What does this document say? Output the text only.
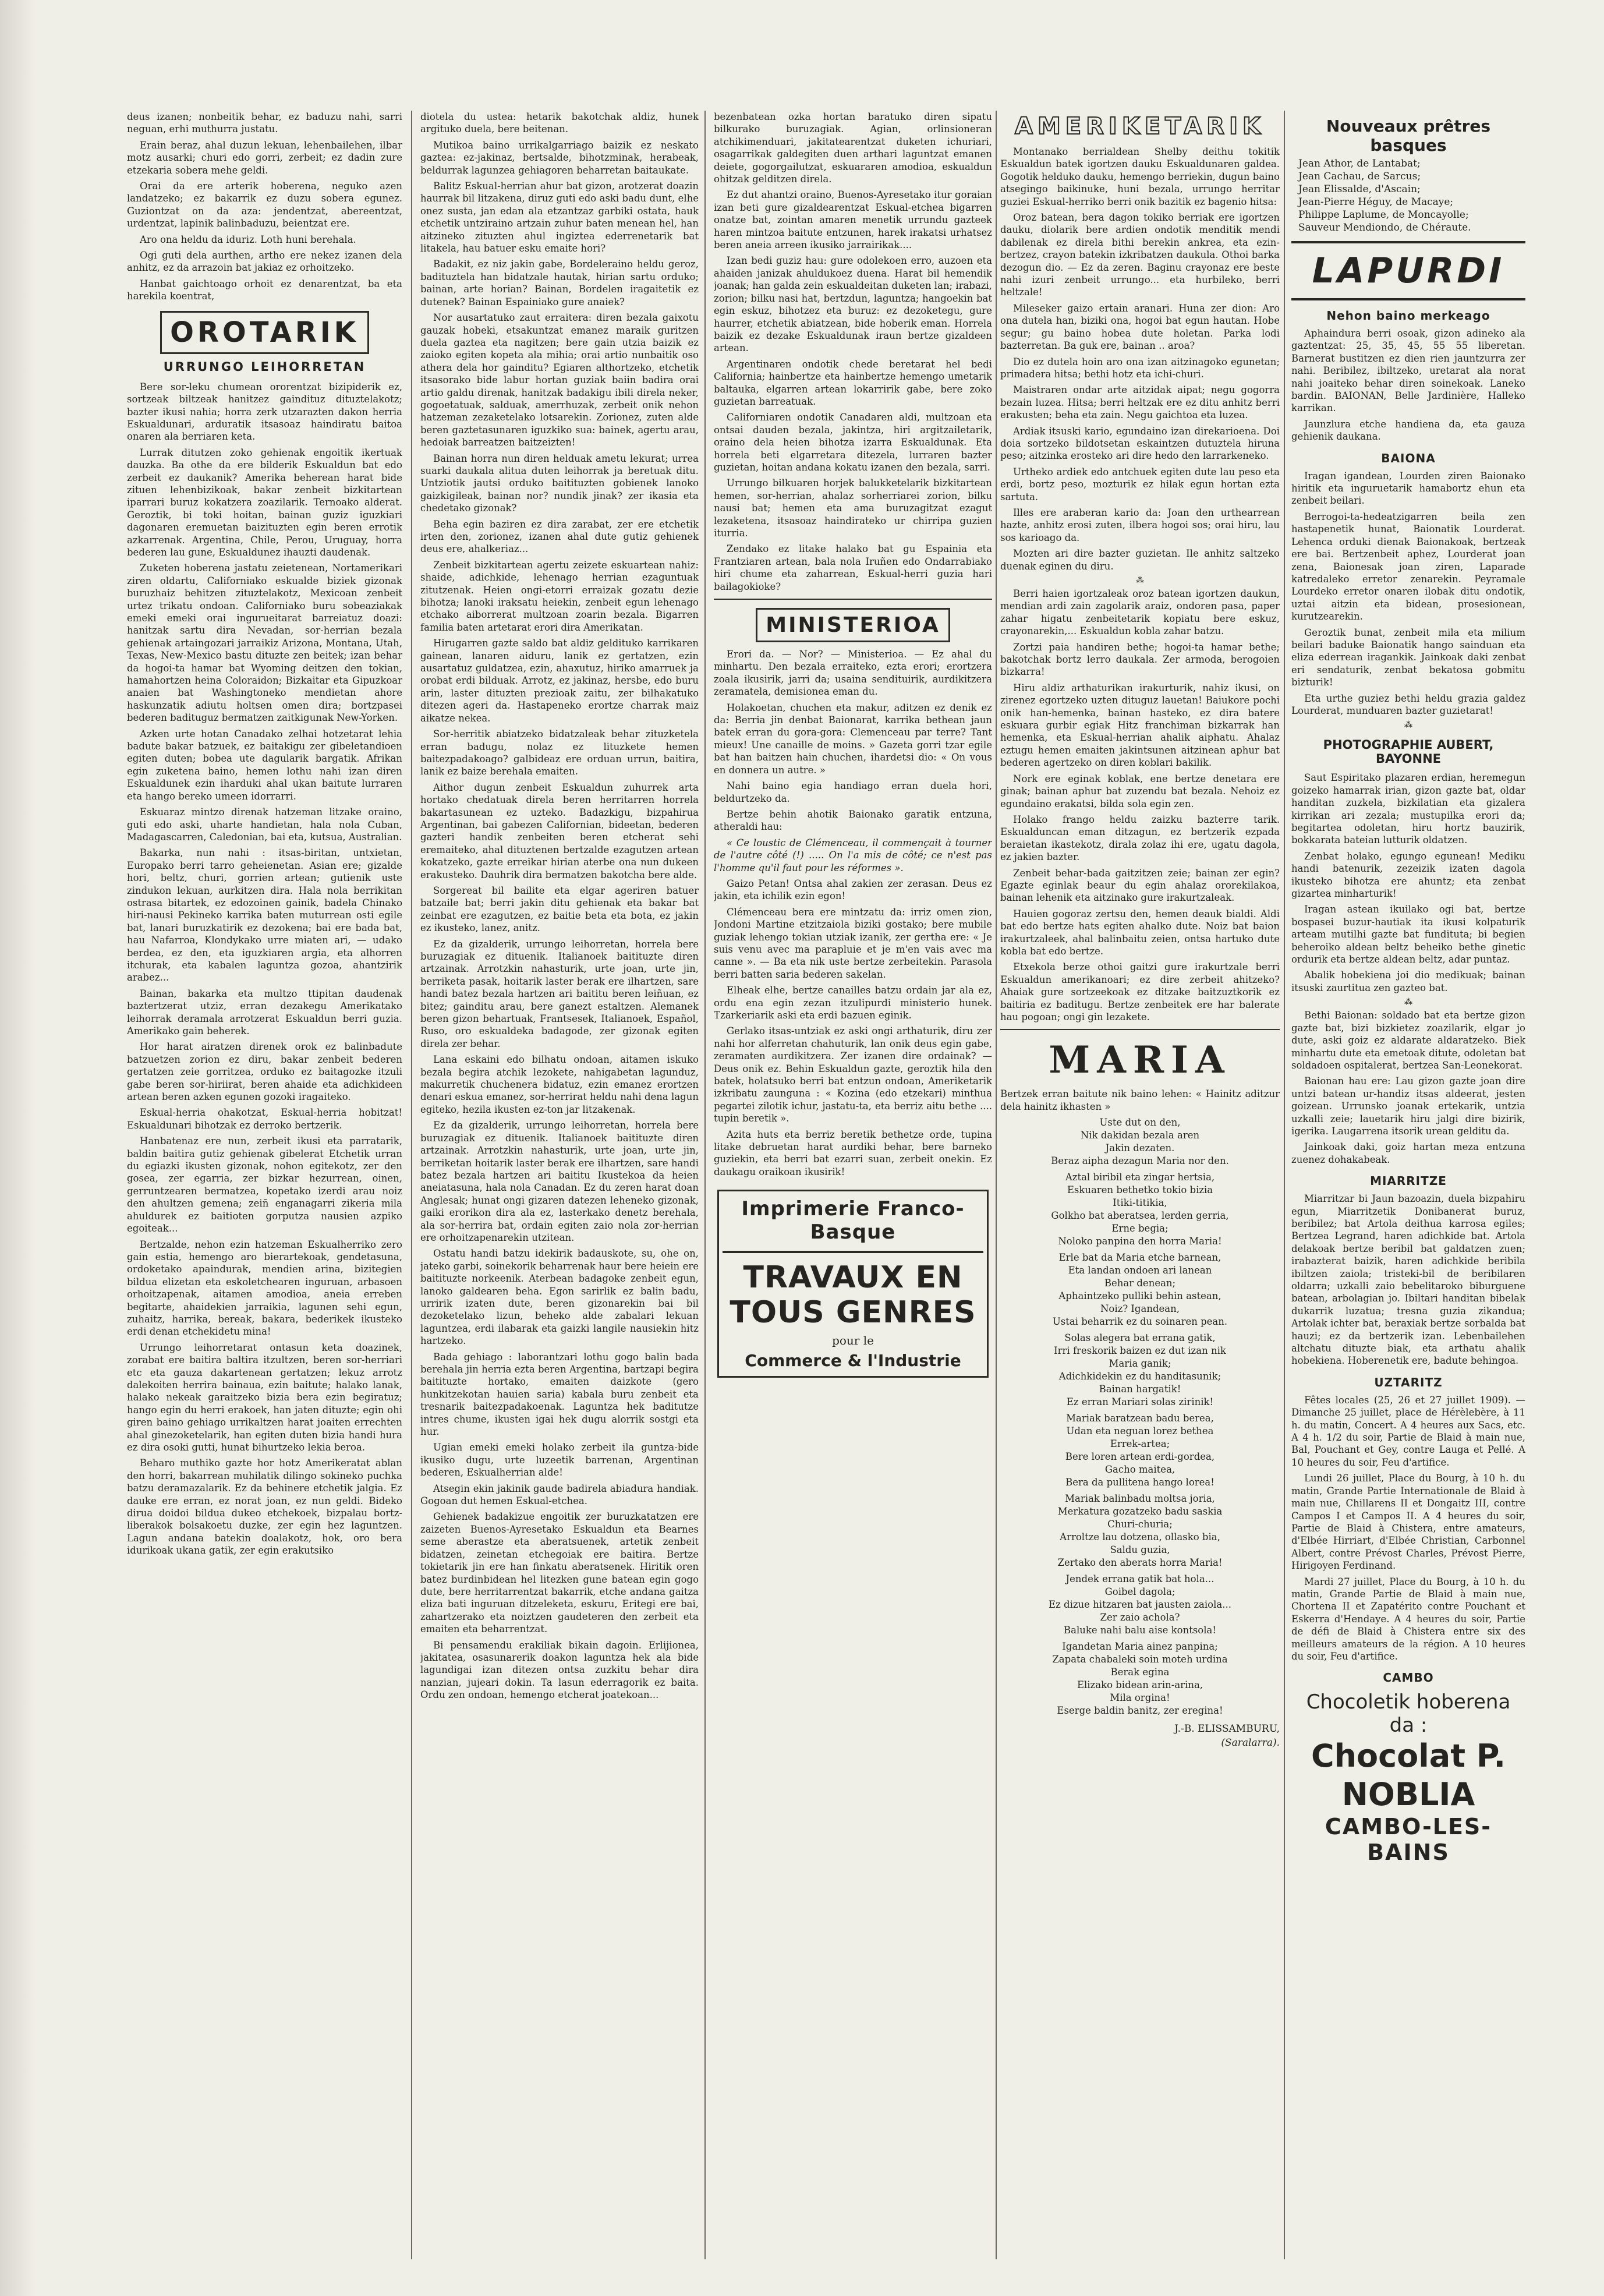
deus izanen; nonbeitik behar, ez baduzu nahi, sarri neguan, erhi muthurra justatu.

Erain beraz, ahal duzun lekuan, lehenbailehen, ilbar motz ausarki; churi edo gorri, zerbeit; ez dadin zure etzekaria sobera mehe geldi.

Orai da ere arterik hoberena, neguko azen landatzeko; ez bakarrik ez duzu sobera egunez. Guziontzat on da aza: jendentzat, abereentzat, urdentzat, lapinik balinbaduzu, beientzat ere.

Aro ona heldu da iduriz. Loth huni berehala.

Ogi guti dela aurthen, artho ere nekez izanen dela anhitz, ez da arrazoin bat jakiaz ez orhoitzeko.

Hanbat gaichtoago orhoit ez denarentzat, ba eta harekila koentrat,

OROTARIK
URRUNGO LEIHORRETAN

Bere sor-leku chumean ororentzat bizipiderik ez, sortzeak biltzeak hanitzez gaindituz dituztelakotz; bazter ikusi nahia; horra zerk utzarazten dakon herria Eskualdunari, arduratik itsasoaz haindiratu baitoa onaren ala berriaren keta.

Lurrak ditutzen zoko gehienak engoitik ikertuak dauzka. Ba othe da ere bilderik Eskualdun bat edo zerbeit ez daukanik? Amerika beherean harat bide zituen lehenbizikoak, bakar zenbeit bizkitartean iparrari buruz kokatzera zoazilarik. Ternoako alderat. Geroztik, bi toki hoitan, bainan guziz iguzkiari dagonaren eremuetan baizituzten egin beren errotik azkarrenak. Argentina, Chile, Perou, Uruguay, horra bederen lau gune, Eskualdunez ihauzti daudenak.

Zuketen hoberena jastatu zeietenean, Nortamerikari ziren oldartu, Californiako eskualde biziek gizonak buruzhaiz behitzen zituztelakotz, Mexicoan zenbeit urtez trikatu ondoan. Californiako buru sobeaziakak emeki emeki orai ingurueitarat barreiatuz doazi: hanitzak sartu dira Nevadan, sor-herrian bezala gehienak artaingozari jarraikiz Arizona, Montana, Utah, Texas, New-Mexico bastu dituzte zen beitek; izan behar da hogoi-ta hamar bat Wyoming deitzen den tokian, hamahortzen heina Coloraidon; Bizkaitar eta Gipuzkoar anaien bat Washingtoneko mendietan ahore haskunzatik adiutu holtsen omen dira; bortzpasei bederen badituguz bermatzen zaitkigunak New-Yorken.

Azken urte hotan Canadako zelhai hotzetarat lehia badute bakar batzuek, ez baitakigu zer gibeletandioen egiten duten; bobea ute dagularik bargatik. Afrikan egin zuketena baino, hemen lothu nahi izan diren Eskualdunek ezin iharduki ahal ukan baitute lurraren eta hango bereko umeen idorrarri.

Eskuaraz mintzo direnak hatzeman litzake oraino, guti edo aski, uharte handietan, hala nola Cuban, Madagascarren, Caledonian, bai eta, kutsua, Australian.

Bakarka, nun nahi : itsas-biritan, untxietan, Europako berri tarro geheienetan. Asian ere; gizalde hori, beltz, churi, gorrien artean; gutienik uste zindukon lekuan, aurkitzen dira. Hala nola berrikitan ostrasa bitartek, ez edozoinen gainik, badela Chinako hiri-nausi Pekineko karrika baten muturrean osti egile bat, lanari buruzkatirik ez dezokena; bai ere bada bat, hau Nafarroa, Klondykako urre miaten ari, — udako berdea, ez den, eta iguzkiaren argia, eta alhorren itchurak, eta kabalen laguntza gozoa, ahantzirik arabez...

Bainan, bakarka eta multzo ttipitan daudenak baztertzerat utziz, erran dezakegu Amerikatako leihorrak deramala arrotzerat Eskualdun berri guzia. Amerikako gain beherek.

Hor harat airatzen direnek orok ez balinbadute batzuetzen zorion ez diru, bakar zenbeit bederen gertatzen zeie gorritzea, orduko ez baitagozke itzuli gabe beren sor-hiriirat, beren ahaide eta adichkideen artean beren azken egunen gozoki iragaiteko.

Eskual-herria ohakotzat, Eskual-herria hobitzat! Eskualdunari bihotzak ez derroko bertzerik.

Hanbatenaz ere nun, zerbeit ikusi eta parratarik, baldin baitira gutiz gehienak gibelerat Etchetik urran du egiazki ikusten gizonak, nohon egitekotz, zer den gosea, zer egarria, zer bizkar hezurrean, oinen, gerruntzearen bermatzea, kopetako izerdi arau noiz den ahultzen gemena; zeiñ enganagarri zikeria mila ahuldurek ez baitioten gorputza nausien azpiko egoiteak...

Bertzalde, nehon ezin hatzeman Eskualherriko zero gain estia, hemengo aro bierartekoak, gendetasuna, ordoketako apaindurak, mendien arina, bizitegien bildua elizetan eta eskoletchearen inguruan, arbasoen orhoitzapenak, aitamen amodioa, aneia erreben begitarte, ahaidekien jarraikia, lagunen sehi egun, zuhaitz, harrika, bereak, bakara, bederikek ikusteko erdi denan etchekidetu mina!

Urrungo leihorretarat ontasun keta doazinek, zorabat ere baitira baltira itzultzen, beren sor-herriari etc eta gauza dakartenean gertatzen; lekuz arrotz dalekoiten herrira bainaua, ezin baitute; halako lanak, halako nekeak garaitzeko bizia bera ezin begiratuz; hango egin du herri erakoek, han jaten dituzte; egin ohi giren baino gehiago urrikaltzen harat joaiten errechten ahal ginezoketelarik, han egiten duten bizia handi hura ez dira osoki gutti, hunat bihurtzeko lekia beroa.

Beharo muthiko gazte hor hotz Amerikeratat ablan den horri, bakarrean muhilatik dilingo sokineko puchka batzu deramazalarik. Ez da behinere etchetik jalgia. Ez dauke ere erran, ez norat joan, ez nun geldi. Bideko dirua doidoi bildua dukeo etchekoek, bizpalau bortz-liberakok bolsakoetu duzke, zer egin hez laguntzen. Lagun andana batekin doalakotz, hok, oro bera idurikoak ukana gatik, zer egin erakutsiko

diotela du ustea: hetarik bakotchak aldiz, hunek argituko duela, bere beitenan.

Mutikoa baino urrikalgarriago baizik ez neskato gaztea: ez-jakinaz, bertsalde, bihotzminak, herabeak, beldurrak lagunzea gehiagoren beharretan baitaukate.

Balitz Eskual-herrian ahur bat gizon, arotzerat doazin haurrak bil litzakena, diruz guti edo aski badu dunt, elhe onez susta, jan edan ala etzantzaz garbiki ostata, hauk etchetik untziraino artzain zuhur baten menean hel, han aitzineko zituzten ahul ingiztea ederrenetarik bat litakela, hau batuer esku emaite hori?

Badakit, ez niz jakin gabe, Bordeleraino heldu geroz, badituztela han bidatzale hautak, hirian sartu orduko; bainan, arte horian? Bainan, Bordelen iragaitetik ez dutenek? Bainan Espainiako gure anaiek?

Nor ausartatuko zaut erraitera: diren bezala gaixotu gauzak hobeki, etsakuntzat emanez maraik guritzen duela gaztea eta nagitzen; bere gain utzia baizik ez zaioko egiten kopeta ala mihia; orai artio nunbaitik oso athera dela hor gainditu? Egiaren althortzeko, etchetik itsasorako bide labur hortan guziak baiin badira orai artio galdu direnak, hanitzak badakigu ibili direla neker, gogoetatuak, salduak, amerrhuzak, zerbeit onik nehon hatzeman zezaketelako lotsarekin. Zorionez, zuten alde beren gaztetasunaren iguzkiko sua: bainek, agertu arau, hedoiak barreatzen baitzeizten!

Bainan horra nun diren helduak ametu lekurat; urrea suarki daukala alitua duten leihorrak ja beretuak ditu. Untziotik jautsi orduko baitituzten gobienek lanoko gaizkigileak, bainan nor? nundik jinak? zer ikasia eta chedetako gizonak?

Beha egin baziren ez dira zarabat, zer ere etchetik irten den, zorionez, izanen ahal dute gutiz gehienek deus ere, ahalkeriaz...

Zenbeit bizkitartean agertu zeizete eskuartean nahiz: shaide, adichkide, lehenago herrian ezaguntuak zitutzenak. Heien ongi-etorri erraizak gozatu dezie bihotza; lanoki iraksatu heiekin, zenbeit egun lehenago etchako aiborrerat multzoan zoarin bezala. Bigarren familia baten artetarat erori dira Amerikatan.

Hirugarren gazte saldo bat aldiz geldituko karrikaren gainean, lanaren aiduru, lanik ez gertatzen, ezin ausartatuz guldatzea, ezin, ahaxutuz, hiriko amarruek ja orobat erdi bilduak. Arrotz, ez jakinaz, hersbe, edo buru arin, laster dituzten prezioak zaitu, zer bilhakatuko ditezen ageri da. Hastapeneko erortze charrak maiz aikatze nekea.

Sor-herritik abiatzeko bidatzaleak behar zituzketela erran badugu, nolaz ez lituzkete hemen baitezpadakoago? galbideaz ere orduan urrun, baitira, lanik ez baize berehala emaiten.

Aithor dugun zenbeit Eskualdun zuhurrek arta hortako chedatuak direla beren herritarren horrela bakartasunean ez uzteko. Badazkigu, bizpahirua Argentinan, bai gabezen Californian, bideetan, bederen gazteri handik zenbeiten beren etcherat sehi eremaiteko, ahal dituztenen bertzalde ezagutzen artean kokatzeko, gazte erreikar hirian aterbe ona nun dukeen erakusteko. Dauhrik dira bermatzen bakotcha bere alde.

Sorgereat bil bailite eta elgar ageriren batuer batzaile bat; berri jakin ditu gehienak eta bakar bat zeinbat ere ezagutzen, ez baitie beta eta bota, ez jakin ez ikusteko, lanez, anitz.

Ez da gizalderik, urrungo leihorretan, horrela bere buruzagiak ez dituenik. Italianoek baitituzte diren artzainak. Arrotzkin nahasturik, urte joan, urte jin, berriketa pasak, hoitarik laster berak ere ilhartzen, sare handi batez bezala hartzen ari baititu beren leiñuan, ez bitez; gainditu arau, bere ganezt estaltzen. Alemanek beren gizon behartuak, Frantsesek, Italianoek, Español, Ruso, oro eskualdeka badagode, zer gizonak egiten direla zer behar.

Lana eskaini edo bilhatu ondoan, aitamen iskuko bezala begira atchik lezokete, nahigabetan lagunduz, makurretik chuchenera bidatuz, ezin emanez erortzen denari eskua emanez, sor-herrirat heldu nahi dena lagun egiteko, hezila ikusten ez-ton jar litzakenak.

Ez da gizalderik, urrungo leihorretan, horrela bere buruzagiak ez dituenik. Italianoek baitituzte diren artzainak. Arrotzkin nahasturik, urte joan, urte jin, berriketan hoitarik laster berak ere ilhartzen, sare handi batez bezala hartzen ari baititu Ikustekoa da heien aneiatasuna, hala nola Canadan. Ez du zeren harat doan Anglesak; hunat ongi gizaren datezen leheneko gizonak, gaiki erorikon dira ala ez, lasterkako denetz berehala, ala sor-herrira bat, ordain egiten zaio nola zor-herrian ere orhoitzapenarekin utzitean.

Ostatu handi batzu idekirik badauskote, su, ohe on, jateko garbi, soinekorik beharrenak haur bere heiein ere baitituzte norkeenik. Aterbean badagoke zenbeit egun, lanoko galdearen beha. Egon sarirlik ez balin badu, urririk izaten dute, beren gizonarekin bai bil dezoketelako lizun, beheko alde zabalari lekuan laguntzea, erdi ilabarak eta gaizki langile nausiekin hitz hartzeko.

Bada gehiago : laborantzari lothu gogo balin bada berehala jin herria ezta beren Argentina, bartzapi begira baitituzte hortako, emaiten daizkote (gero hunkitzekotan hauien saria) kabala buru zenbeit eta tresnarik baitezpadakoenak. Laguntza hek baditutze intres chume, ikusten igai hek dugu alorrik sostgi eta hur.

Ugian emeki emeki holako zerbeit ila guntza-bide ikusiko dugu, urte luzeetik barrenan, Argentinan bederen, Eskualherrian alde!

Atsegin ekin jakinik gaude badirela abiadura handiak. Gogoan dut hemen Eskual-etchea.

Gehienek badakizue engoitik zer buruzkatatzen ere zaizeten Buenos-Ayresetako Eskualdun eta Bearnes seme aberastze eta aberatsuenek, artetik zenbeit bidatzen, zeinetan etchegoiak ere baitira. Bertze tokietarik jin ere han finkatu aberatsenek. Hiritik oren batez burdinbidean hel litezken gune batean egin gogo dute, bere herritarrentzat bakarrik, etche andana gaitza eliza bati inguruan ditzeleketa, eskuru, Eritegi ere bai, zahartzerako eta noiztzen gaudeteren den zerbeit eta emaiten eta beharrentzat.

Bi pensamendu erakiliak bikain dagoin. Erlijionea, jakitatea, osasunarerik doakon laguntza hek ala bide lagundigai izan ditezen ontsa zuzkitu behar dira nanzian, jujeari dokin. Ta lasun ederragorik ez baita. Ordu zen ondoan, hemengo etcherat joatekoan...

bezenbatean ozka hortan baratuko diren sipatu bilkurako buruzagiak. Agian, orlinsioneran atchikimenduari, jakitatearentzat duketen ichuriari, osagarrikak galdegiten duen arthari laguntzat emanen deiete, gogorgailutzat, eskuararen amodioa, eskualdun ohitzak gelditzen direla.

Ez dut ahantzi oraino, Buenos-Ayresetako itur goraian izan beti gure gizaldearentzat Eskual-etchea bigarren onatze bat, zointan amaren menetik urrundu gazteek haren mintzoa baitute entzunen, harek irakatsi urhatsez beren aneia arreen ikusiko jarrairikak....

Izan bedi guziz hau: gure odolekoen erro, auzoen eta ahaiden janizak ahuldukoez duena. Harat bil hemendik joanak; han galda zein eskualdeitan duketen lan; irabazi, zorion; bilku nasi hat, bertzdun, laguntza; hangoekin bat egin eskuz, bihotzez eta buruz: ez dezoketegu, gure haurrer, etchetik abiatzean, bide hoberik eman. Horrela baizik ez dezake Eskualdunak iraun bertze gizaldeen artean.

Argentinaren ondotik chede beretarat hel bedi California; hainbertze eta hainbertze hemengo umetarik baltauka, elgarren artean lokarririk gabe, bere zoko guzietan barreatuak.

Californiaren ondotik Canadaren aldi, multzoan eta ontsai dauden bezala, jakintza, hiri argitzailetarik, oraino dela heien bihotza izarra Eskualdunak. Eta horrela beti elgarretara ditezela, lurraren bazter guzietan, hoitan andana kokatu izanen den bezala, sarri.

Urrungo bilkuaren horjek balukketelarik bizkitartean hemen, sor-herrian, ahalaz sorherriarei zorion, bilku nausi bat; hemen eta ama buruzagitzat ezagut lezaketena, itsasoaz haindirateko ur chirripa guzien iturria.

Zendako ez litake halako bat gu Espainia eta Frantziaren artean, bala nola Iruñen edo Ondarrabiako hiri chume eta zaharrean, Eskual-herri guzia hari bailagokioke?

MINISTERIOA

Erori da. — Nor? — Ministerioa. — Ez ahal du minhartu. Den bezala erraiteko, ezta erori; erortzera zoala ikusirik, jarri da; usaina sendituirik, aurdikitzera zeramatela, demisionea eman du.

Holakoetan, chuchen eta makur, aditzen ez denik ez da: Berria jin denbat Baionarat, karrika bethean jaun batek erran du gora-gora: Clemenceau par terre? Tant mieux! Une canaille de moins. » Gazeta gorri tzar egile bat han baitzen hain chuchen, ihardetsi dio: « On vous en donnera un autre. »

Nahi baino egia handiago erran duela hori, beldurtzeko da.

Bertze behin ahotik Baionako garatik entzuna, atheraldi hau:

« Ce loustic de Clémenceau, il commençait à tourner de l'autre côté (!) ..... On l'a mis de côté; ce n'est pas l'homme qu'il faut pour les réformes ».

Gaizo Petan! Ontsa ahal zakien zer zerasan. Deus ez jakin, eta ichilik ezin egon!

Clémenceau bera ere mintzatu da: irriz omen zion, Jondoni Martine etzitzaiola biziki gostako; bere mubile guziak lehengo tokian utziak izanik, zer gertha ere: « Je suis venu avec ma parapluie et je m'en vais avec ma canne ». — Ba eta nik uste bertze zerbeitekin. Parasola berri batten saria bederen sakelan.

Elheak elhe, bertze canailles batzu ordain jar ala ez, ordu ena egin zezan itzulipurdi ministerio hunek. Tzarkeriarik aski eta erdi bazuen eginik.

Gerlako itsas-untziak ez aski ongi arthaturik, diru zer nahi hor alferretan chahuturik, lan onik deus egin gabe, zeramaten aurdikitzera. Zer izanen dire ordainak? — Deus onik ez. Behin Eskualdun gazte, geroztik hila den batek, holatsuko berri bat entzun ondoan, Ameriketarik izkribatu zaunguna : « Kozina (edo etzekari) minthua pegartei zilotik ichur, jastatu-ta, eta berriz aitu bethe .... tupin beretik ».

Azita huts eta berriz beretik bethetze orde, tupina litake debruetan harat aurdiki behar, bere barneko guziekin, eta berri bat ezarri suan, zerbeit onekin. Ez daukagu oraikoan ikusirik!

Imprimerie Franco-Basque
TRAVAUX EN TOUS GENRES
pour le
Commerce & l'Industrie
AMERIKETARIK

Montanako berrialdean Shelby deithu tokitik Eskualdun batek igortzen dauku Eskualdunaren galdea. Gogotik helduko dauku, hemengo berriekin, dugun baino atsegingo baikinuke, huni bezala, urrungo herritar guziei Eskual-herriko berri onik bazitik ez bagenio hitsa:

Oroz batean, bera dagon tokiko berriak ere igortzen dauku, diolarik bere ardien ondotik menditik mendi dabilenak ez direla bithi berekin ankrea, eta ezin-bertzez, crayon batekin izkribatzen daukula. Othoi barka dezogun dio. — Ez da zeren. Baginu crayonaz ere beste nahi izuri zenbeit urrungo... eta hurbileko, berri heltzale!

Mileseker gaizo ertain aranari. Huna zer dion: Aro ona dutela han, biziki ona, hogoi bat egun hautan. Hobe segur; gu baino hobea dute holetan. Parka lodi bazterretan. Ba guk ere, bainan .. aroa?

Dio ez dutela hoin aro ona izan aitzinagoko egunetan; primadera hitsa; bethi hotz eta ichi-churi.

Maistraren ondar arte aitzidak aipat; negu gogorra bezain luzea. Hitsa; berri heltzak ere ez ditu anhitz berri erakusten; beha eta zain. Negu gaichtoa eta luzea.

Ardiak itsuski kario, egundaino izan direkarioena. Doi doia sortzeko bildotsetan eskaintzen dutuztela hiruna peso; aitzinka erosteko ari dire hedo den larrarkeneko.

Urtheko ardiek edo antchuek egiten dute lau peso eta erdi, bortz peso, mozturik ez hilak egun hortan ezta sartuta.

Illes ere araberan kario da: Joan den urthearrean hazte, anhitz erosi zuten, ilbera hogoi sos; orai hiru, lau sos karioago da.

Mozten ari dire bazter guzietan. Ile anhitz saltzeko duenak eginen du diru.

⁂

Berri haien igortzaleak oroz batean igortzen daukun, mendian ardi zain zagolarik araiz, ondoren pasa, paper zahar higatu zenbeitetarik kopiatu bere eskuz, crayonarekin,... Eskualdun kobla zahar batzu.

Zortzi paia handiren bethe; hogoi-ta hamar bethe; bakotchak bortz lerro daukala. Zer armoda, berogoien bizkarra!

Hiru aldiz arthaturikan irakurturik, nahiz ikusi, on zirenez egortzeko uzten dituguz lauetan! Baiukore pochi onik han-hemenka, bainan hasteko, ez dira batere eskuara gurbir egiak Hitz franchiman bizkarrak han hemenka, eta Eskual-herrian ahalik aiphatu. Ahalaz eztugu hemen emaiten jakintsunen aitzinean aphur bat bederen agertzeko on diren koblari bakilik.

Nork ere eginak koblak, ene bertze denetara ere ginak; bainan aphur bat zuzendu bat bezala. Nehoiz ez egundaino erakatsi, bilda sola egin zen.

Holako frango heldu zaizku bazterre tarik. Eskualduncan eman ditzagun, ez bertzerik ezpada beraietan ikastekotz, dirala zolaz ihi ere, ugatu dagola, ez jakien bazter.

Zenbeit behar-bada gaitzitzen zeie; bainan zer egin? Egazte eginlak beaur du egin ahalaz ororekilakoa, bainan lehenik eta aitzinako gure irakurtzaleak.

Hauien gogoraz zertsu den, hemen deauk bialdi. Aldi bat edo bertze hats egiten ahalko dute. Noiz bat baion irakurtzaleek, ahal balinbaitu zeien, ontsa hartuko dute kobla bat edo bertze.

Etxekola berze othoi gaitzi gure irakurtzale berri Eskualdun amerikanoari; ez dire zerbeit ahitzeko? Ahaiak gure sortzeekoak ez ditzake baitzuztkorik ez baitiria ez baditugu. Bertze zenbeitek ere har balerate hau pogoan; ongi gin lezakete.

MARIA

Bertzek erran baitute nik baino lehen: « Hainitz aditzur dela hainitz ikhasten »

Uste dut on den,

Nik dakidan bezala aren

Jakin dezaten.

Beraz aipha dezagun Maria nor den.

Aztal biribil eta zingar hertsia,

Eskuaren bethetko tokio bizia

Itiki-titikia,

Golkho bat aberatsea, lerden gerria,

Erne begia;

Noloko panpina den horra Maria!

Erle bat da Maria etche barnean,

Eta landan ondoen ari lanean

Behar denean;

Aphaintzeko pulliki behin astean,

Noiz? Igandean,

Ustai beharrik ez du soinaren pean.

Solas alegera bat errana gatik,

Irri freskorik baizen ez dut izan nik

Maria ganik;

Adichkidekin ez du handitasunik;

Bainan hargatik!

Ez erran Mariari solas zirinik!

Mariak baratzean badu berea,

Udan eta neguan lorez bethea

Errek-artea;

Bere loren artean erdi-gordea,

Gacho maitea,

Bera da pullitena hango lorea!

Mariak balinbadu moltsa joria,

Merkatura gozatzeko badu saskia

Churi-churia;

Arroltze lau dotzena, ollasko bia,

Saldu guzia,

Zertako den aberats horra Maria!

Jendek errana gatik bat hola...

Goibel dagola;

Ez dizue hitzaren bat jausten zaiola...

Zer zaio achola?

Baluke nahi balu aise kontsola!

Igandetan Maria ainez panpina;

Zapata chabaleki soin moteh urdina

Berak egina

Elizako bidean arin-arina,

Mila orgina!

Eserge baldin banitz, zer eregina!

J.-B. ELISSAMBURU,
(Saralarra).
Nouveaux prêtres basques

Jean Athor, de Lantabat;

Jean Cachau, de Sarcus;

Jean Elissalde, d'Ascain;

Jean-Pierre Héguy, de Macaye;

Philippe Laplume, de Moncayolle;

Sauveur Mendiondo, de Chéraute.

LAPURDI
Nehon baino merkeago

Aphaindura berri osoak, gizon adineko ala gaztentzat: 25, 35, 45, 55 55 liberetan. Barnerat bustitzen ez dien rien jauntzurra zer nahi. Beribilez, ibiltzeko, uretarat ala norat nahi joaiteko behar diren soinekoak. Laneko bardin. BAIONAN, Belle Jardinière, Halleko karrikan.

Jaunzlura etche handiena da, eta gauza gehienik daukana.

BAIONA

Iragan igandean, Lourden ziren Baionako hiritik eta inguruetarik hamabortz ehun eta zenbeit beilari.

Berrogoi-ta-hedeatzigarren beila zen hastapenetik hunat, Baionatik Lourderat. Lehenca orduki dienak Baionakoak, bertzeak ere bai. Bertzenbeit aphez, Lourderat joan zena, Baionesak joan ziren, Laparade katredaleko erretor zenarekin. Peyramale Lourdeko erretor onaren ilobak ditu ondotik, uztai aitzin eta bidean, prosesionean, kurutzearekin.

Geroztik bunat, zenbeit mila eta milium beilari baduke Baionatik hango sainduan eta eliza ederrean iragankik. Jainkoak daki zenbat eri sendaturik, zenbat bekatosa gobmitu bizturik!

Eta urthe guziez bethi heldu grazia galdez Lourderat, munduaren bazter guzietarat!

⁂
PHOTOGRAPHIE AUBERT, BAYONNE

Saut Espiritako plazaren erdian, heremegun goizeko hamarrak irian, gizon gazte bat, oldar handitan zuzkela, bizkilatian eta gizalera kirrikan ari zezala; mustupilka erori da; begitartea odoletan, hiru hortz bauzirik, bokkarata bateian lutturik oldatzen.

Zenbat holako, egungo egunean! Mediku handi batenurik, zezeizik izaten dagola ikusteko bihotza ere ahuntz; eta zenbat gizartea minharturik!

Iragan astean ikuilako ogi bat, bertze bospasei buzur-hautiak ita ikusi kolpaturik arteam mutilhi gazte bat fundituta; bi begien beheroiko aldean beltz beheiko bethe ginetic ordurik eta bertze aldean beltz, adar puntaz.

Abalik hobekiena joi dio medikuak; bainan itsuski zaurtitua zen gazteo bat.

⁂

Bethi Baionan: soldado bat eta bertze gizon gazte bat, bizi bizkietez zoazilarik, elgar jo dute, aski goiz ez aldarate aldaratzeko. Biek minhartu dute eta emetoak ditute, odoletan bat soldadoen ospitalerat, bertzea San-Leonekorat.

Baionan hau ere: Lau gizon gazte joan dire untzi batean ur-handiz itsas aldeerat, jesten goizean. Urrunsko joanak ertekarik, untzia uzkalli zeie; lauetarik hiru jalgi dire bizirik, igerika. Laugarrena itsorik urean gelditu da.

Jainkoak daki, goiz hartan meza entzuna zuenez dohakabeak.

MIARRITZE

Miarritzar bi Jaun bazoazin, duela bizpahiru egun, Miarritzetik Donibanerat buruz, beribilez; bat Artola deithua karrosa egiles; Bertzea Legrand, haren adichkide bat. Artola delakoak bertze beribil bat galdatzen zuen; irabazterat baizik, haren adichkide beribila ibiltzen zaiola; tristeki-bil de beribilaren oldarra; uzkalli zaio bebelitaroko biburguene batean, arbolagian jo. Ibiltari handitan bibelak dukarrik luzatua; tresna guzia zikandua; Artolak ichter bat, beraxiak bertze sorbalda bat hauzi; ez da bertzerik izan. Lebenbailehen altchatu dituzte biak, eta arthatu ahalik hobekiena. Hoberenetik ere, badute behingoa.

UZTARITZ

Fêtes locales (25, 26 et 27 juillet 1909). — Dimanche 25 juillet, place de Hérèlebère, à 11 h. du matin, Concert. A 4 heures aux Sacs, etc. A 4 h. 1/2 du soir, Partie de Blaid à main nue, Bal, Pouchant et Gey, contre Lauga et Pellé. A 10 heures du soir, Feu d'artifice.

Lundi 26 juillet, Place du Bourg, à 10 h. du matin, Grande Partie Internationale de Blaid à main nue, Chillarens II et Dongaitz III, contre Campos I et Campos II. A 4 heures du soir, Partie de Blaid à Chistera, entre amateurs, d'Elbée Hirriart, d'Elbée Christian, Carbonnel Albert, contre Prévost Charles, Prévost Pierre, Hirigoyen Ferdinand.

Mardi 27 juillet, Place du Bourg, à 10 h. du matin, Grande Partie de Blaid à main nue, Chortena II et Zapatérito contre Pouchant et Eskerra d'Hendaye. A 4 heures du soir, Partie de défi de Blaid à Chistera entre six des meilleurs amateurs de la région. A 10 heures du soir, Feu d'artifice.

CAMBO
Chocoletik hoberena da :
Chocolat P. NOBLIA
CAMBO-LES-BAINS
